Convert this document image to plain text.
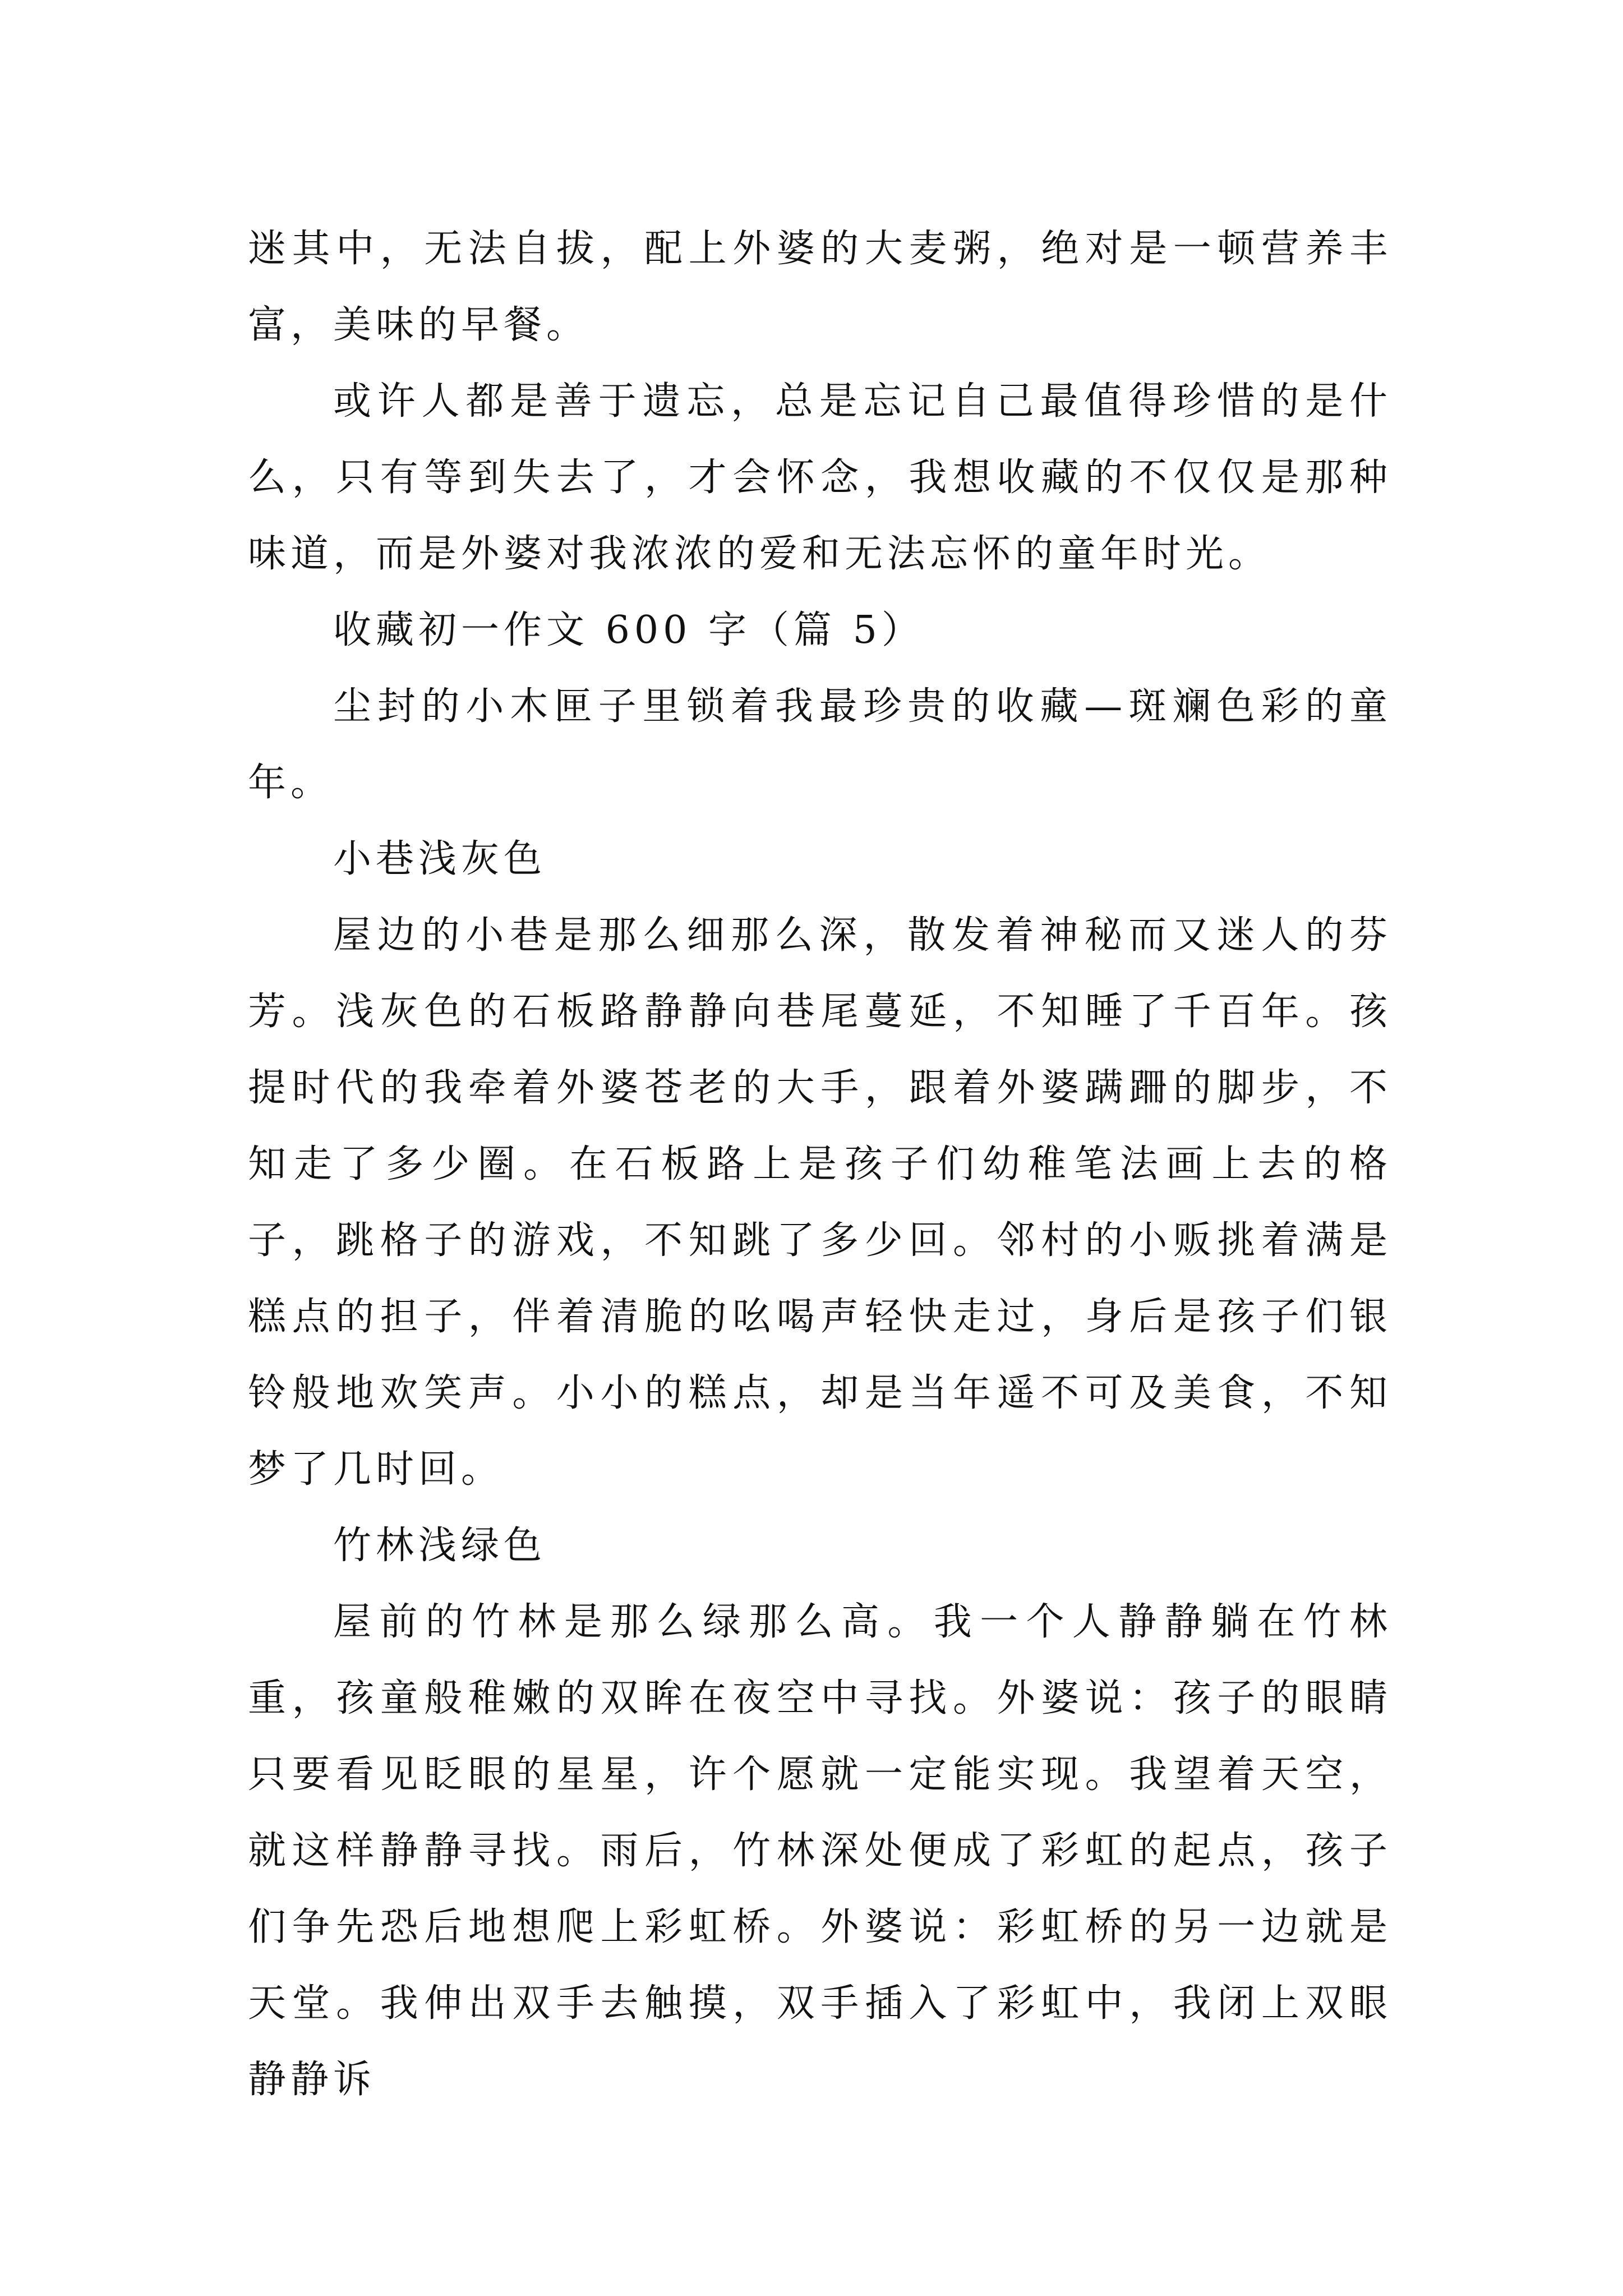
迷其中，无法自拔，配上外婆的大麦粥，绝对是一顿营养丰富，美味的早餐。

或许人都是善于遗忘，总是忘记自己最值得珍惜的是什么，只有等到失去了，才会怀念，我想收藏的不仅仅是那种味道，而是外婆对我浓浓的爱和无法忘怀的童年时光。

收藏初一作文 600 字（篇 5）

尘封的小木匣子里锁着我最珍贵的收藏—斑斓色彩的童年。

小巷浅灰色

屋边的小巷是那么细那么深，散发着神秘而又迷人的芬芳。浅灰色的石板路静静向巷尾蔓延，不知睡了千百年。孩提时代的我牵着外婆苍老的大手，跟着外婆蹒跚的脚步，不知走了多少圈。在石板路上是孩子们幼稚笔法画上去的格子，跳格子的游戏，不知跳了多少回。邻村的小贩挑着满是糕点的担子，伴着清脆的吆喝声轻快走过，身后是孩子们银铃般地欢笑声。小小的糕点，却是当年遥不可及美食，不知梦了几时回。

竹林浅绿色

屋前的竹林是那么绿那么高。我一个人静静躺在竹林重，孩童般稚嫩的双眸在夜空中寻找。外婆说：孩子的眼睛只要看见眨眼的星星，许个愿就一定能实现。我望着天空，就这样静静寻找。雨后，竹林深处便成了彩虹的起点，孩子们争先恐后地想爬上彩虹桥。外婆说：彩虹桥的另一边就是天堂。我伸出双手去触摸，双手插入了彩虹中，我闭上双眼静静诉
